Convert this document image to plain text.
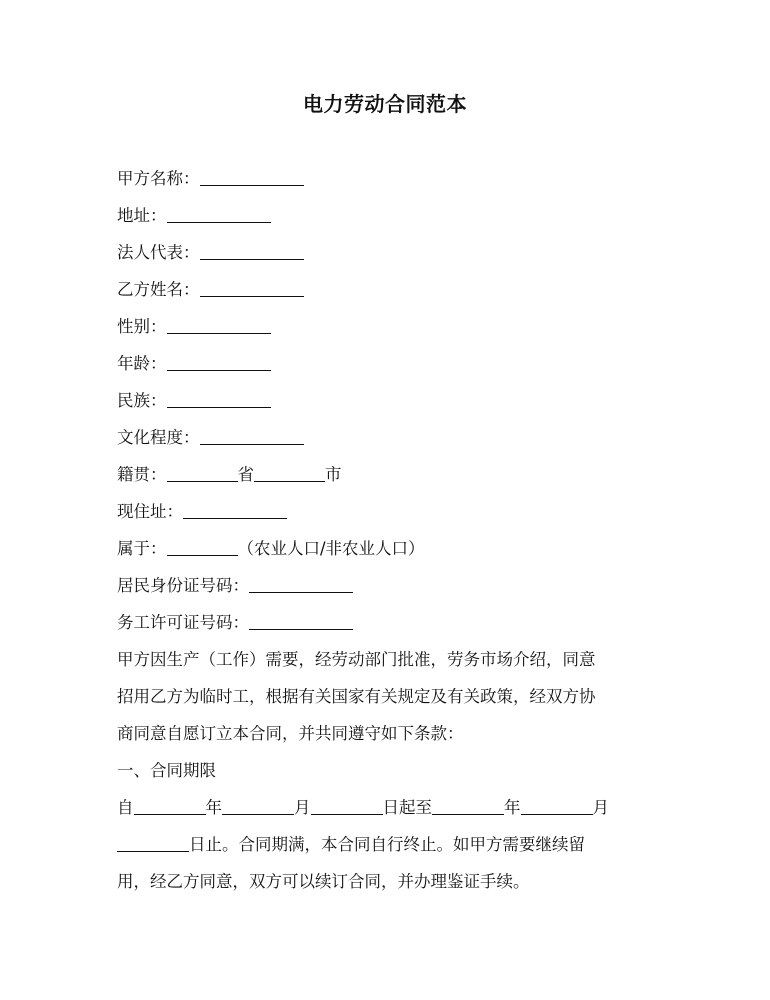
电力劳动合同范本
甲方名称：
地址：
法人代表：
乙方姓名：
性别：
年龄：
民族：
文化程度：
籍贯：	省	市
现住址：
属于：	（农业人口/非农业人口）
居民身份证号码：
务工许可证号码：
甲方因生产（工作）需要，经劳动部门批准，劳务市场介绍，同意
招用乙方为临时工，根据有关国家有关规定及有关政策，经双方协
商同意自愿订立本合同，并共同遵守如下条款：
一、合同期限
自	年	月	日起至	年	月
日止。合同期满，本合同自行终止。如甲方需要继续留
用，经乙方同意，双方可以续订合同，并办理鉴证手续。
